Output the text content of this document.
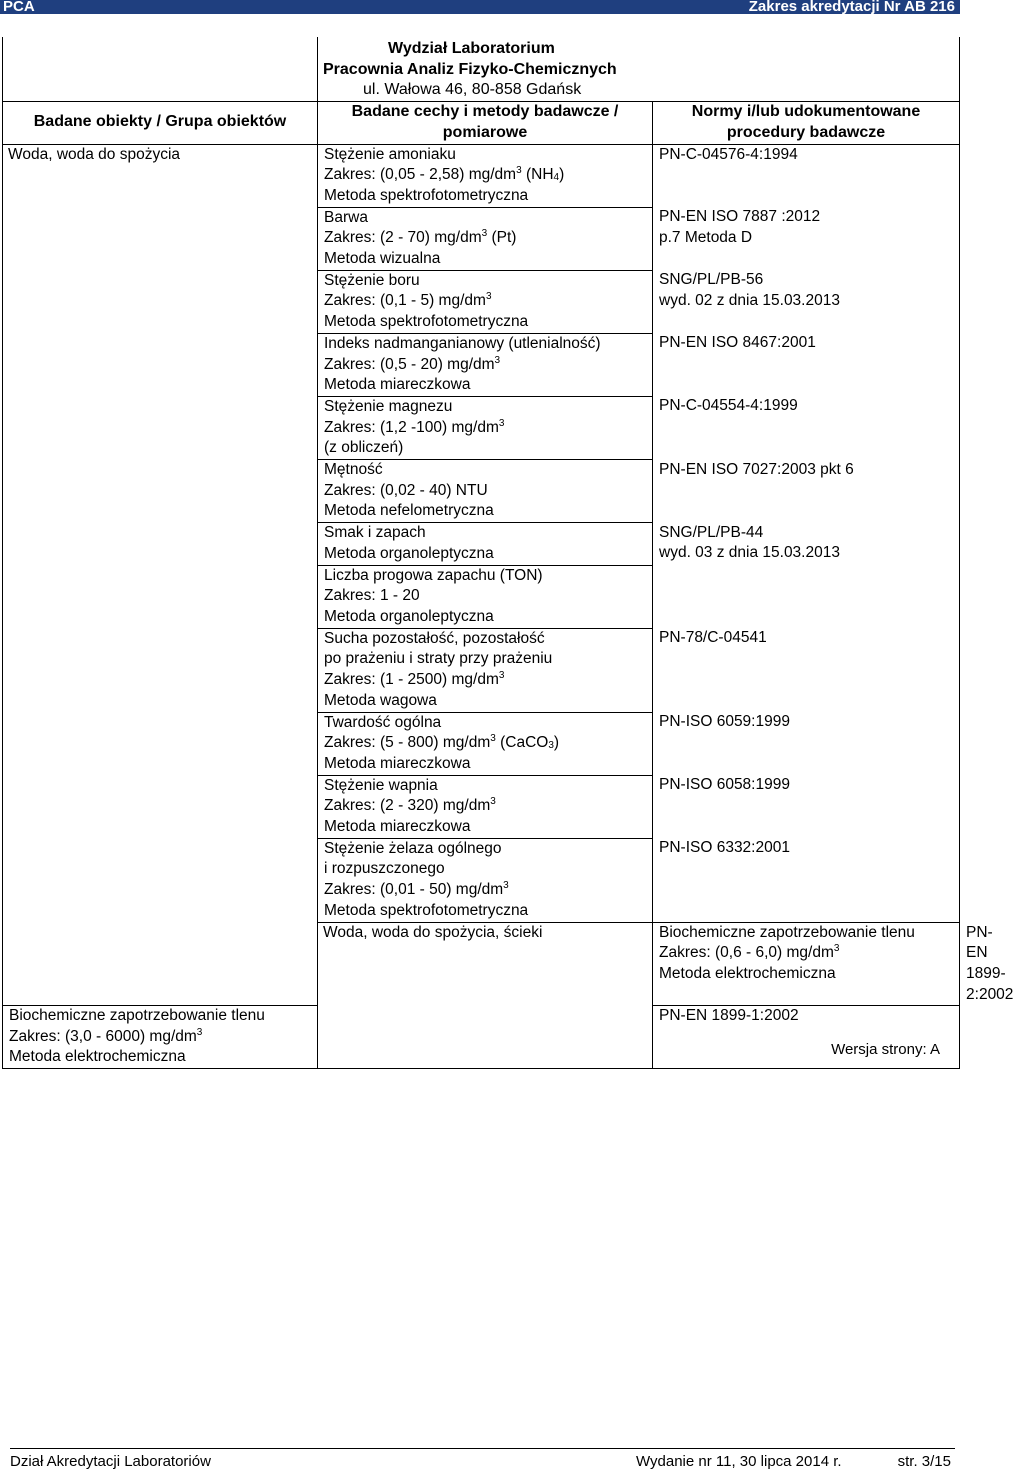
PCA	Zakres akredytacji Nr AB 216

	Wydział Laboratorium
Pracownia Analiz Fizyko-Chemicznych
ul. Wałowa 46, 80-858 Gdańsk		

Badane obiekty / Grupa obiektów	Badane cechy i metody badawcze / pomiarowe	Normy i/lub udokumentowane procedury badawcze	
Woda, woda do spożycia	Stężenie amoniaku
Zakres: (0,05 - 2,58) $mg/dm^3$ $(NH_4)$
Metoda spektrofotometryczna	PN-C-04576-4:1994	

	Barwa
Zakres: (2 - 70) $mg/dm^3$ (Pt)
Metoda wizualna	PN-EN ISO 7887 :2012
p.7 Metoda D	

	Stężenie boru
Zakres: (0,1 - 5) $mg/dm^3$
Metoda spektrofotometryczna	SNG/PL/PB-56
wyd. 02 z dnia 15.03.2013	

	Indeks nadmanganianowy (utlenialność)
Zakres: (0,5 - 20) $mg/dm^3$
Metoda miareczkowa	PN-EN ISO 8467:2001	

	Stężenie magnezu
Zakres: (1,2 -100) $mg/dm^3$
(z obliczeń)	PN-C-04554-4:1999	

	Mętność
Zakres: (0,02 - 40) NTU
Metoda nefelometryczna	PN-EN ISO 7027:2003 pkt 6	

	Smak i zapach
Metoda organoleptyczna	SNG/PL/PB-44
wyd. 03 z dnia 15.03.2013	

	Liczba progowa zapachu (TON)
Zakres: 1 - 20
Metoda organoleptyczna		

	Sucha pozostałość, pozostałość
po prażeniu i straty przy prażeniu
Zakres: (1 - 2500) $mg/dm^3$
Metoda wagowa	PN-78/C-04541	

	Twardość ogólna
Zakres: (5 - 800) $mg/dm^3$ (CaCO$_3$)
Metoda miareczkowa	PN-ISO 6059:1999	

	Stężenie wapnia
Zakres: (2 - 320) $mg/dm^3$
Metoda miareczkowa	PN-ISO 6058:1999	

	Stężenie żelaza ogólnego
i rozpuszczonego
Zakres: (0,01 - 50) $mg/dm^3$
Metoda spektrofotometryczna	PN-ISO 6332:2001	

	Woda, woda do spożycia, ścieki	Biochemiczne zapotrzebowanie tlenu
Zakres: (0,6 - 6,0) $mg/dm^3$
Metoda elektrochemiczna	PN-EN 1899-2:2002

Biochemiczne zapotrzebowanie tlenu
Zakres: (3,0 - 6000) $mg/dm^3$
Metoda elektrochemiczna		PN-EN 1899-1:2002	
Wersja strony: A
Dział Akredytacji Laboratoriów	Wydanie nr 11, 30 lipca 2014 r.	str. 3/15
